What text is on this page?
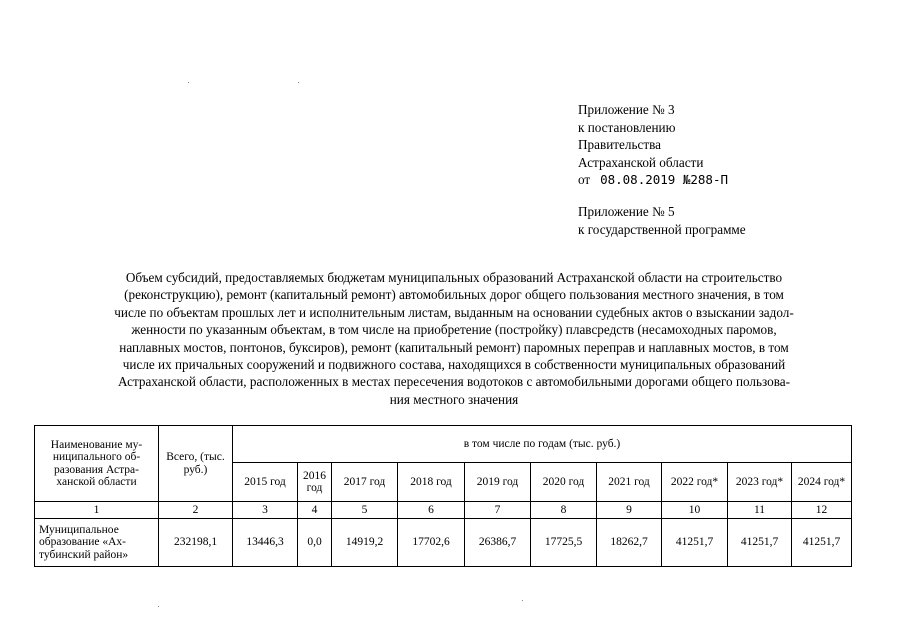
Приложение № 3
к постановлению
Правительства
Астраханской области
от 08.08.2019 №288-П
Приложение № 5
к государственной программе
Объем субсидий, предоставляемых бюджетам муниципальных образований Астраханской области на строительство
(реконструкцию), ремонт (капитальный ремонт) автомобильных дорог общего пользования местного значения, в том
числе по объектам прошлых лет и исполнительным листам, выданным на основании судебных актов о взыскании задол-
женности по указанным объектам, в том числе на приобретение (постройку) плавсредств (несамоходных паромов,
наплавных мостов, понтонов, буксиров), ремонт (капитальный ремонт) паромных переправ и наплавных мостов, в том
числе их причальных сооружений и подвижного состава, находящихся в собственности муниципальных образований
Астраханской области, расположенных в местах пересечения водотоков с автомобильными дорогами общего пользова-
ния местного значения
Наименование му-ниципального об-разования Астра-ханской области	Всего, (тыс. руб.)	в том числе по годам (тыс. руб.)									
		2015 год	2016 год	2017 год	2018 год	2019 год	2020 год	2021 год	2022 год*	2023 год*	2024 год*
1	2	3	4	5	6	7	8	9	10	11	12
Муниципальное образование «Ах-тубинский район»	232198,1	13446,3	0,0	14919,2	17702,6	26386,7	17725,5	18262,7	41251,7	41251,7	41251,7
